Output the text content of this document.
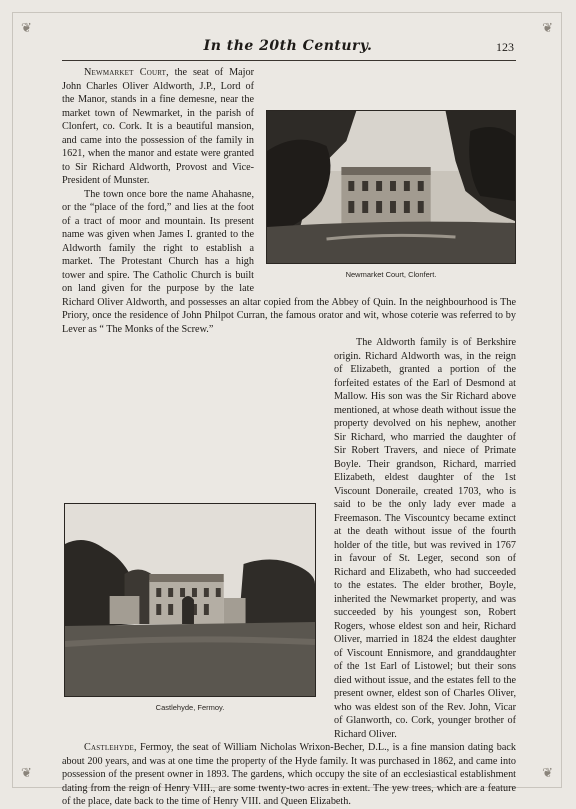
❦	❦
❦	❦
In the 20th Century.	123
Newmarket Court, Clonfert.
Castlehyde, Fermoy.

Newmarket Court, the seat of Major John Charles Oliver Aldworth, J.P., Lord of the Manor, stands in a fine demesne, near the market town of Newmarket, in the parish of Clonfert, co. Cork. It is a beautiful mansion, and came into the possession of the family in 1621, when the manor and estate were granted to Sir Richard Aldworth, Provost and Vice-President of Munster.

The town once bore the name Ahahasne, or the “place of the ford,” and lies at the foot of a tract of moor and mountain. Its present name was given when James I. granted to the Aldworth family the right to establish a market. The Protestant Church has a high tower and spire. The Catholic Church is built on land given for the purpose by the late Richard Oliver Aldworth, and possesses an altar copied from the Abbey of Quin. In the neighbourhood is The Priory, once the residence of John Philpot Curran, the famous orator and wit, whose coterie was referred to by Lever as “ The Monks of the Screw.”

The Aldworth family is of Berkshire origin. Richard Aldworth was, in the reign of Elizabeth, granted a portion of the forfeited estates of the Earl of Desmond at Mallow. His son was the Sir Richard above mentioned, at whose death without issue the property devolved on his nephew, another Sir Richard, who married the daughter of Sir Robert Travers, and niece of Primate Boyle. Their grandson, Richard, married Elizabeth, eldest daughter of the 1st Viscount Doneraile, created 1703, who is said to be the only lady ever made a Freemason. The Viscountcy became extinct at the death without issue of the fourth holder of the title, but was revived in 1767 in favour of St. Leger, second son of Richard and Elizabeth, who had succeeded to the estates. The elder brother, Boyle, inherited the Newmarket property, and was succeeded by his youngest son, Robert Rogers, whose eldest son and heir, Richard Oliver, married in 1824 the eldest daughter of Viscount Ennismore, and granddaughter of the 1st Earl of Listowel; but their sons died without issue, and the estates fell to the present owner, eldest son of Charles Oliver, who was eldest son of the Rev. John, Vicar of Glanworth, co. Cork, younger brother of Richard Oliver.

Castlehyde, Fermoy, the seat of William Nicholas Wrixon-Becher, D.L., is a fine mansion dating back about 200 years, and was at one time the property of the Hyde family. It was purchased in 1862, and came into possession of the present owner in 1893. The gardens, which occupy the site of an ecclesiastical establishment dating from the reign of Henry VIII., are some twenty-two acres in extent. The yew trees, which are a feature of the place, date back to the time of Henry VIII. and Queen Elizabeth.
